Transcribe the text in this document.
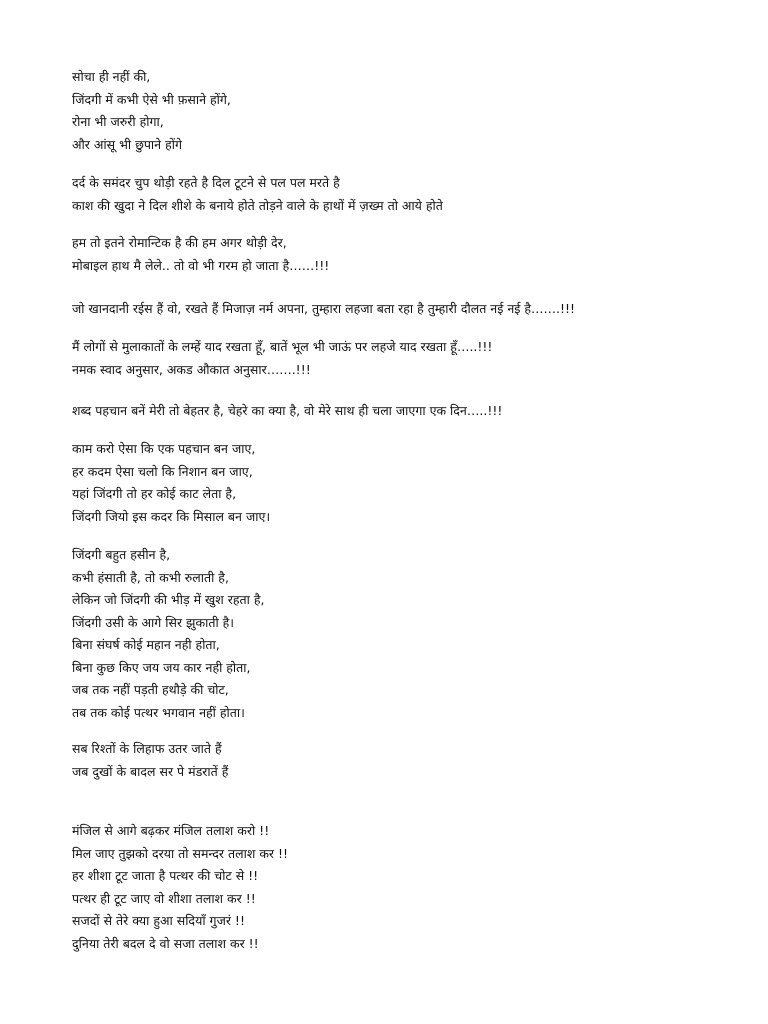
सोचा ही नहीं की,
जिंदगी में कभी ऐसे भी फ़साने होंगे,
रोना भी जरुरी होगा,
और आंसू भी छुपाने होंगे
दर्द के समंदर चुप थोड़ी रहते है दिल टूटने से पल पल मरते है
काश की खुदा ने दिल शीशे के बनाये होते तोड़ने वाले के हाथों में ज़ख्म तो आये होते
हम तो इतने रोमान्टिक है की हम अगर थोड़ी देर,
मोबाइल हाथ मै लेले.. तो वो भी गरम हो जाता है……!!!
जो खानदानी रईस हैं वो, रखते हैं मिजाज़ नर्म अपना, तुम्हारा लहजा बता रहा है तुम्हारी दौलत नई नई है…….!!!
मैं लोगों से मुलाकातों के लम्हें याद रखता हूँ, बातें भूल भी जाऊं पर लहजे याद रखता हूँ…..!!!
नमक स्वाद अनुसार, अकड औकात अनुसार…….!!!
शब्द पहचान बनें मेरी तो बेहतर है, चेहरे का क्या है, वो मेरे साथ ही चला जाएगा एक दिन…..!!!
काम करो ऐसा कि एक पहचान बन जाए,
हर कदम ऐसा चलो कि निशान बन जाए,
यहां जिंदगी तो हर कोई काट लेता है,
जिंदगी जियो इस कदर कि मिसाल बन जाए।
जिंदगी बहुत हसीन है,
कभी हंसाती है, तो कभी रुलाती है,
लेकिन जो जिंदगी की भीड़ में खुश रहता है,
जिंदगी उसी के आगे सिर झुकाती है।
बिना संघर्ष कोई महान नही होता,
बिना कुछ किए जय जय कार नही होता,
जब तक नहीं पड़ती हथौड़े की चोट,
तब तक कोई पत्थर भगवान नहीं होता।
सब रिश्तों के लिहाफ उतर जाते हैं
जब दुखों के बादल सर पे मंडरातें हैं
मंजिल से आगे बढ़कर मंजिल तलाश करो !!
मिल जाए तुझको दरया तो समन्दर तलाश कर !!
हर शीशा टूट जाता है पत्थर की चोट से !!
पत्थर ही टूट जाए वो शीशा तलाश कर !!
सजदों से तेरे क्या हुआ सदियाँ गुजरं !!
दुनिया तेरी बदल दे वो सजा तलाश कर !!
